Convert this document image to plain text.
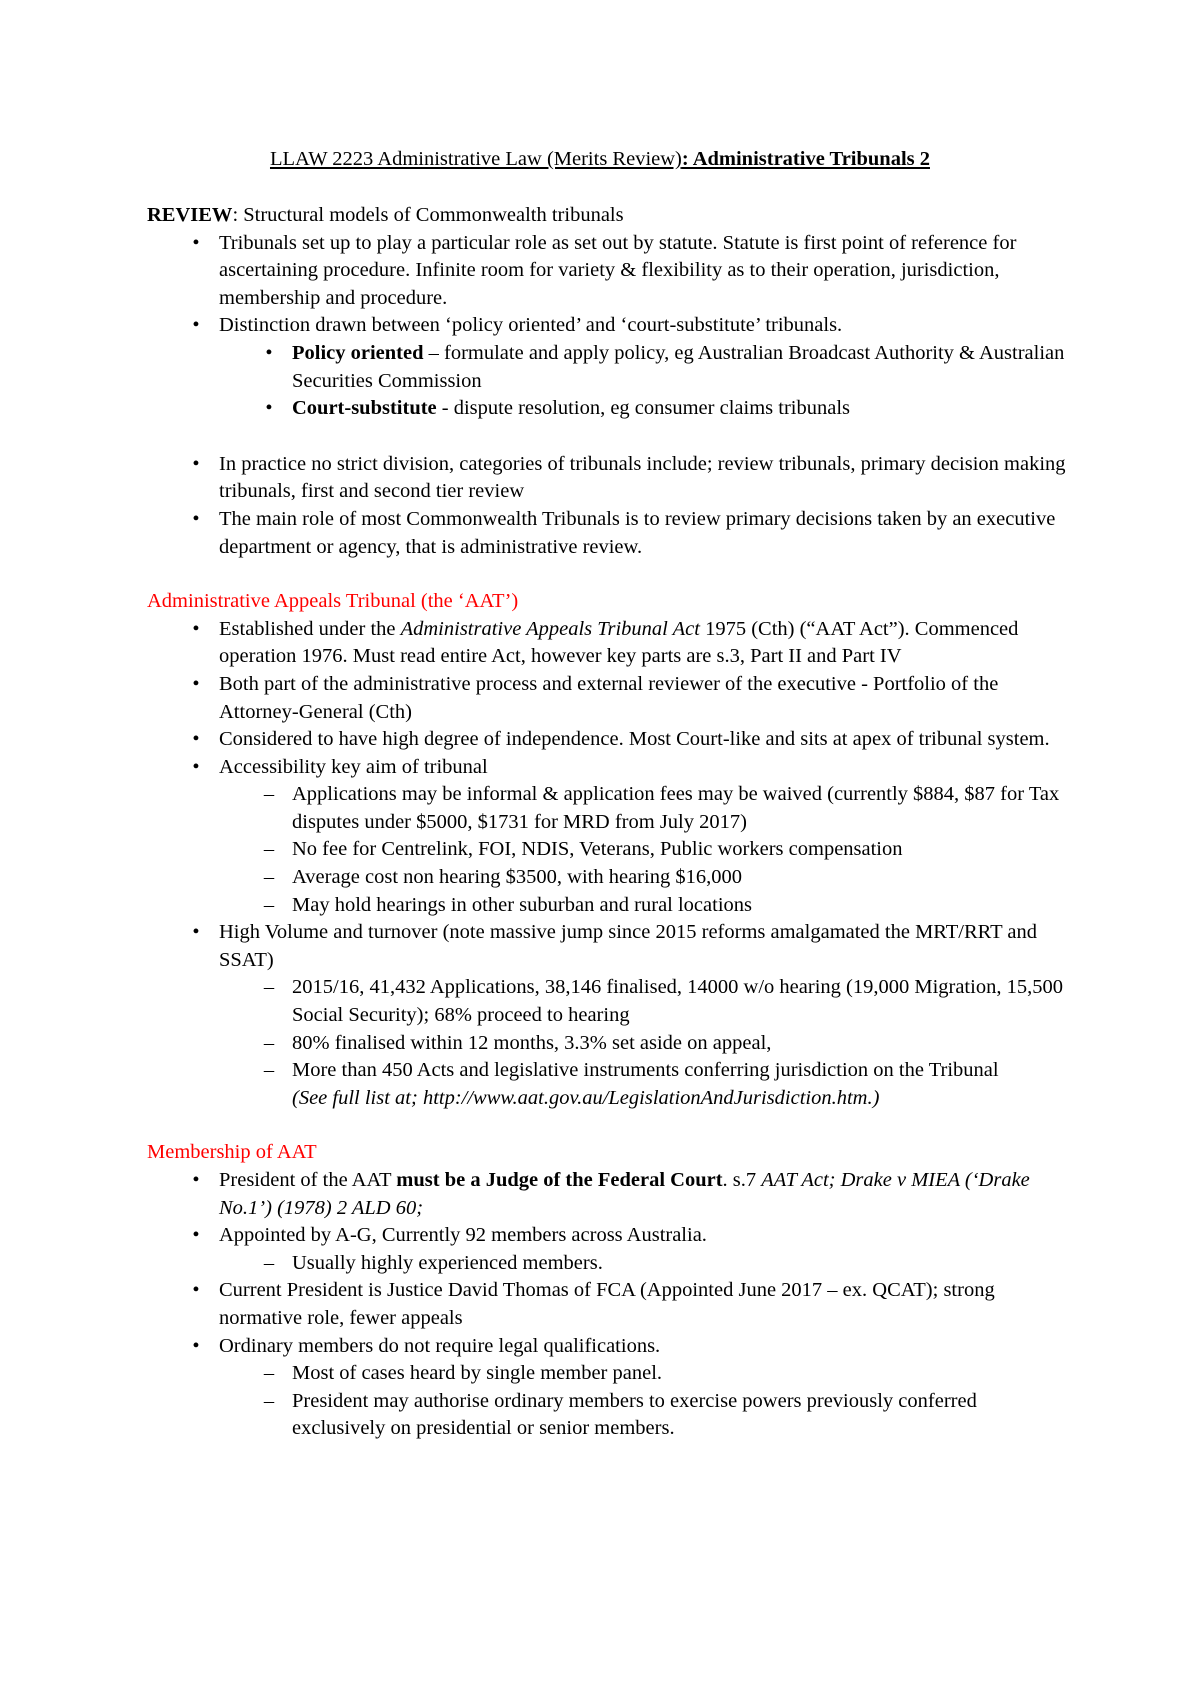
LLAW 2223 Administrative Law (Merits Review): Administrative Tribunals 2

REVIEW: Structural models of Commonwealth tribunals

• Tribunals set up to play a particular role as set out by statute. Statute is first point of reference for ascertaining procedure. Infinite room for variety & flexibility as to their operation, jurisdiction, membership and procedure.
• Distinction drawn between ‘policy oriented’ and ‘court-substitute’ tribunals.
• Policy oriented – formulate and apply policy, eg Australian Broadcast Authority & Australian Securities Commission
• Court-substitute - dispute resolution, eg consumer claims tribunals
• In practice no strict division, categories of tribunals include; review tribunals, primary decision making tribunals, first and second tier review
• The main role of most Commonwealth Tribunals is to review primary decisions taken by an executive department or agency, that is administrative review.

Administrative Appeals Tribunal (the ‘AAT’)

• Established under the Administrative Appeals Tribunal Act 1975 (Cth) (“AAT Act”). Commenced operation 1976. Must read entire Act, however key parts are s.3, Part II and Part IV
• Both part of the administrative process and external reviewer of the executive - Portfolio of the Attorney-General (Cth)
• Considered to have high degree of independence. Most Court-like and sits at apex of tribunal system.
• Accessibility key aim of tribunal
– Applications may be informal & application fees may be waived (currently $884, $87 for Tax disputes under $5000, $1731 for MRD from July 2017)
– No fee for Centrelink, FOI, NDIS, Veterans, Public workers compensation
– Average cost non hearing $3500, with hearing $16,000
– May hold hearings in other suburban and rural locations
• High Volume and turnover (note massive jump since 2015 reforms amalgamated the MRT/RRT and SSAT)
– 2015/16, 41,432 Applications, 38,146 finalised, 14000 w/o hearing (19,000 Migration, 15,500 Social Security); 68% proceed to hearing
– 80% finalised within 12 months, 3.3% set aside on appeal,
– More than 450 Acts and legislative instruments conferring jurisdiction on the Tribunal
(See full list at; http://www.aat.gov.au/LegislationAndJurisdiction.htm.)

Membership of AAT

• President of the AAT must be a Judge of the Federal Court. s.7 AAT Act; Drake v MIEA (‘Drake No.1’) (1978) 2 ALD 60;
• Appointed by A-G, Currently 92 members across Australia.
– Usually highly experienced members.
• Current President is Justice David Thomas of FCA (Appointed June 2017 – ex. QCAT); strong normative role, fewer appeals
• Ordinary members do not require legal qualifications.
– Most of cases heard by single member panel.
– President may authorise ordinary members to exercise powers previously conferred exclusively on presidential or senior members.
